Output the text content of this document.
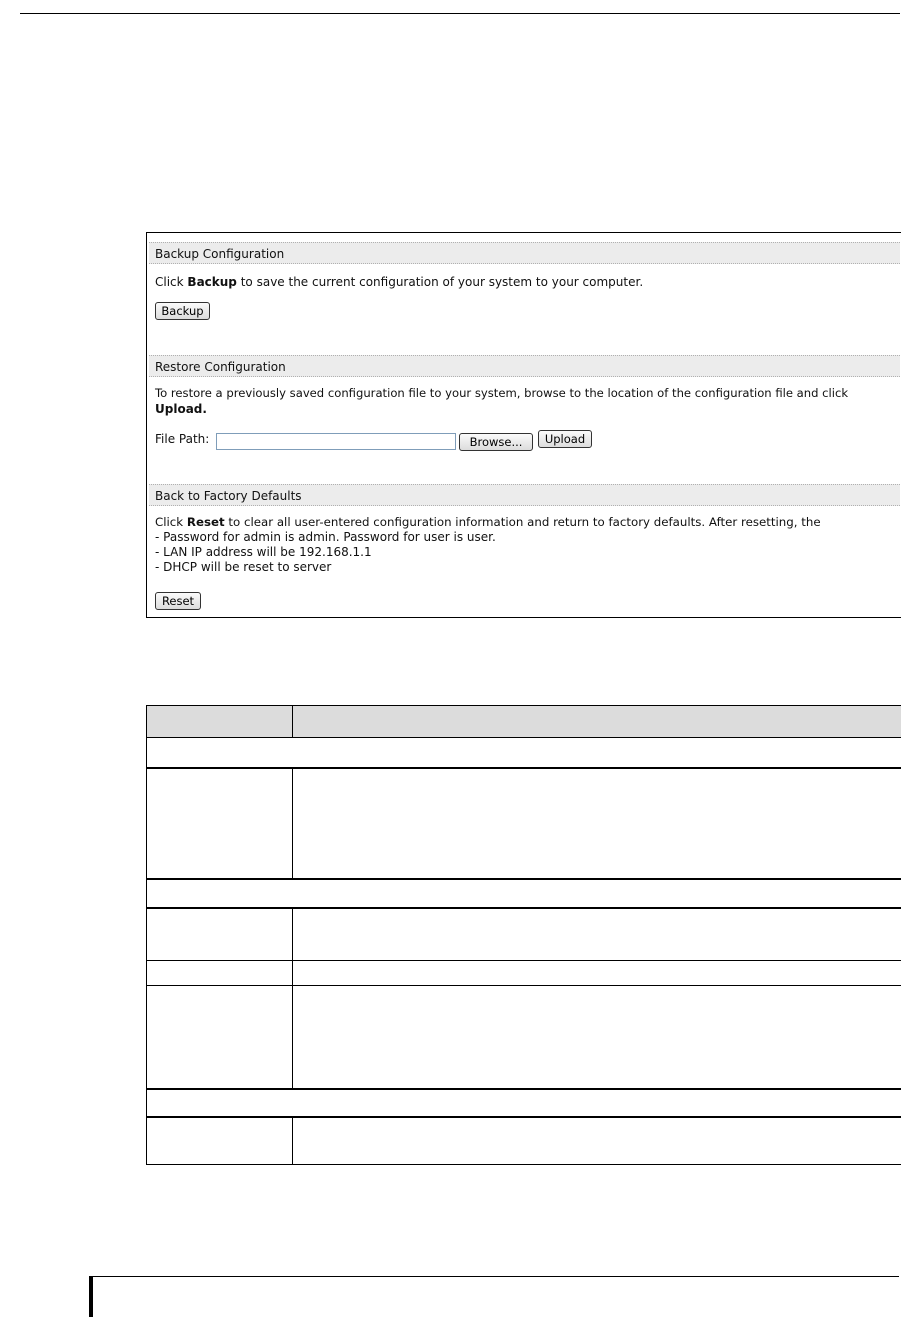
Backup Configuration
Click Backup to save the current configuration of your system to your computer.
Backup
Restore Configuration
To restore a previously saved configuration file to your system, browse to the location of the configuration file and click
Upload.
File Path:	Browse...	Upload
Back to Factory Defaults
Click Reset to clear all user-entered configuration information and return to factory defaults. After resetting, the
- Password for admin is admin. Password for user is user.
- LAN IP address will be 192.168.1.1
- DHCP will be reset to server
Reset
